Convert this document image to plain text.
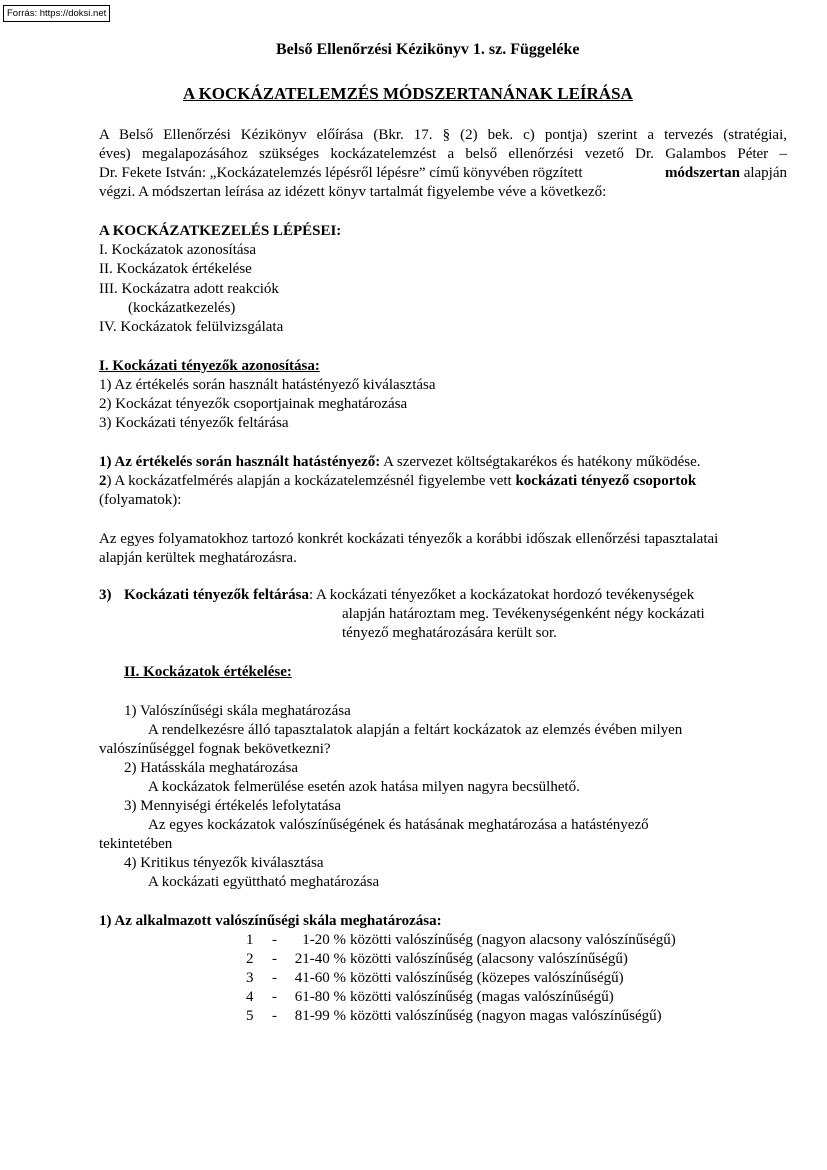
Forrás: https://doksi.net
Belső Ellenőrzési Kézikönyv 1. sz. Függeléke
A KOCKÁZATELEMZÉS MÓDSZERTANÁNAK LEÍRÁSA
A Belső Ellenőrzési Kézikönyv előírása (Bkr. 17. § (2) bek. c) pontja) szerint a tervezés (stratégiai,
éves) megalapozásához szükséges kockázatelemzést a belső ellenőrzési vezető Dr. Galambos Péter –
Dr. Fekete István: „Kockázatelemzés lépésről lépésre” című könyvében rögzített	módszertan alapján
végzi. A módszertan leírása az idézett könyv tartalmát figyelembe véve a következő:
A KOCKÁZATKEZELÉS LÉPÉSEI:
I. Kockázatok azonosítása
II. Kockázatok értékelése
III. Kockázatra adott reakciók
(kockázatkezelés)
IV. Kockázatok felülvizsgálata
I. Kockázati tényezők azonosítása:
1) Az értékelés során használt hatástényező kiválasztása
2) Kockázat tényezők csoportjainak meghatározása
3) Kockázati tényezők feltárása
1) Az értékelés során használt hatástényező: A szervezet költségtakarékos és hatékony működése.
2) A kockázatfelmérés alapján a kockázatelemzésnél figyelembe vett kockázati tényező csoportok
(folyamatok):
Az egyes folyamatokhoz tartozó konkrét kockázati tényezők a korábbi időszak ellenőrzési tapasztalatai
alapján kerültek meghatározásra.
3) Kockázati tényezők feltárása: A kockázati tényezőket a kockázatokat hordozó tevékenységek
alapján határoztam meg. Tevékenységenként négy kockázati
tényező meghatározására került sor.
II. Kockázatok értékelése:
1) Valószínűségi skála meghatározása
A rendelkezésre álló tapasztalatok alapján a feltárt kockázatok az elemzés évében milyen
valószínűséggel fognak bekövetkezni?
2) Hatásskála meghatározása
A kockázatok felmerülése esetén azok hatása milyen nagyra becsülhető.
3) Mennyiségi értékelés lefolytatása
Az egyes kockázatok valószínűségének és hatásának meghatározása a hatástényező
tekintetében
4) Kritikus tényezők kiválasztása
A kockázati együttható meghatározása
1) Az alkalmazott valószínűségi skála meghatározása:
1 - 1-20 % közötti valószínűség (nagyon alacsony valószínűségű)
2 - 21-40 % közötti valószínűség (alacsony valószínűségű)
3 - 41-60 % közötti valószínűség (közepes valószínűségű)
4 - 61-80 % közötti valószínűség (magas valószínűségű)
5 - 81-99 % közötti valószínűség (nagyon magas valószínűségű)
